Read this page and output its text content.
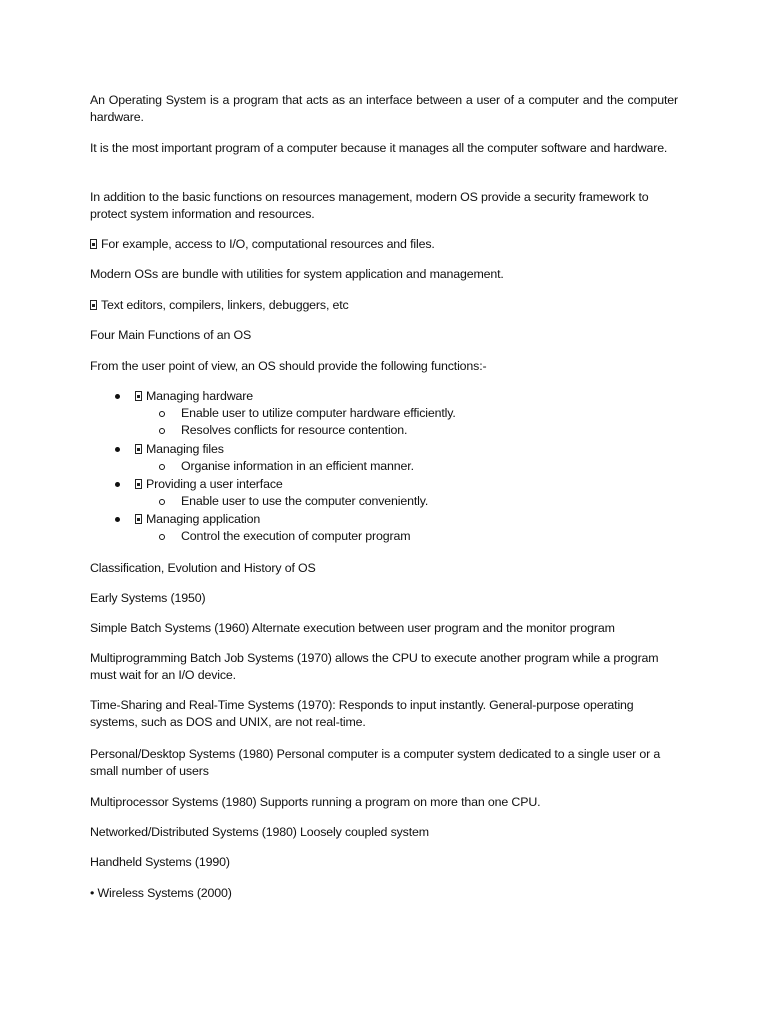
An Operating System is a program that acts as an interface between a user of a computer and the computer hardware.

It is the most important program of a computer because it manages all the computer software and hardware.

In addition to the basic functions on resources management, modern OS provide a security framework to protect system information and resources.

For example, access to I/O, computational resources and files.

Modern OSs are bundle with utilities for system application and management.

Text editors, compilers, linkers, debuggers, etc

Four Main Functions of an OS

From the user point of view, an OS should provide the following functions:-

Managing hardware
Enable user to utilize computer hardware efficiently.
Resolves conflicts for resource contention.
Managing files
Organise information in an efficient manner.
Providing a user interface
Enable user to use the computer conveniently.
Managing application
Control the execution of computer program

Classification, Evolution and History of OS

Early Systems (1950)

Simple Batch Systems (1960) Alternate execution between user program and the monitor program

Multiprogramming Batch Job Systems (1970) allows the CPU to execute another program while a program must wait for an I/O device.

Time-Sharing and Real-Time Systems (1970): Responds to input instantly. General-purpose operating systems, such as DOS and UNIX, are not real-time.

Personal/Desktop Systems (1980) Personal computer is a computer system dedicated to a single user or a small number of users

Multiprocessor Systems (1980) Supports running a program on more than one CPU.

Networked/Distributed Systems (1980) Loosely coupled system

Handheld Systems (1990)

• Wireless Systems (2000)
